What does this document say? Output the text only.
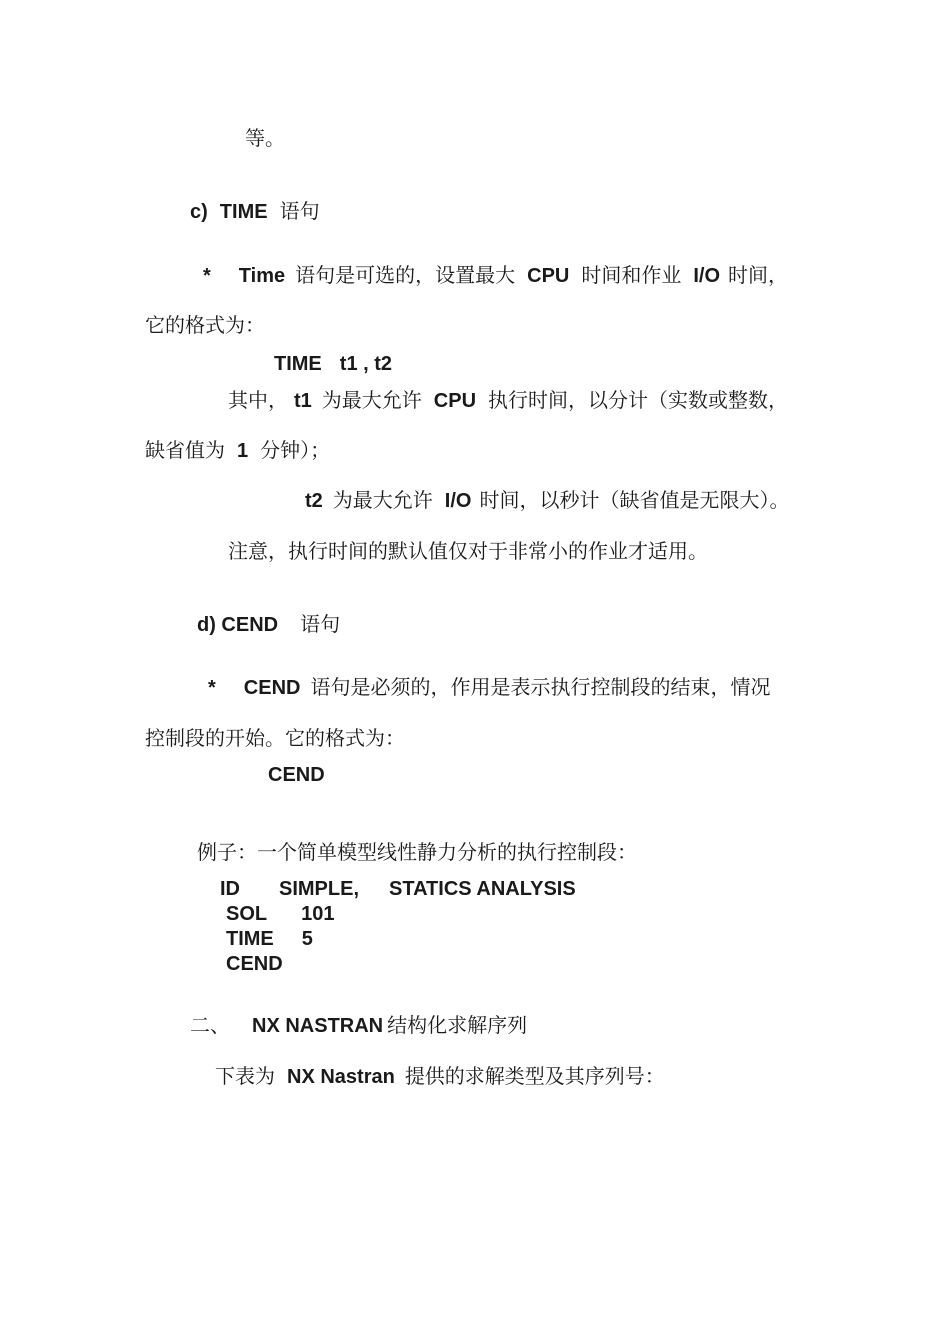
等。
c) TIME 语句
* Time 语句是可选的，设置最大 CPU 时间和作业 I/O 时间，
它的格式为：
TIME t1 , t2
其中， t1 为最大允许 CPU 执行时间，以分计（实数或整数，
缺省值为 1 分钟）；
t2 为最大允许 I/O 时间，以秒计（缺省值是无限大）。
注意，执行时间的默认值仅对于非常小的作业才适用。
d) CEND 语句
* CEND 语句是必须的，作用是表示执行控制段的结束，情况
控制段的开始。它的格式为：
CEND
例子：一个简单模型线性静力分析的执行控制段：
ID SIMPLE, STATICS ANALYSIS
SOL 101
TIME 5
CEND
二、 NX NASTRAN 结构化求解序列
下表为 NX Nastran 提供的求解类型及其序列号：
